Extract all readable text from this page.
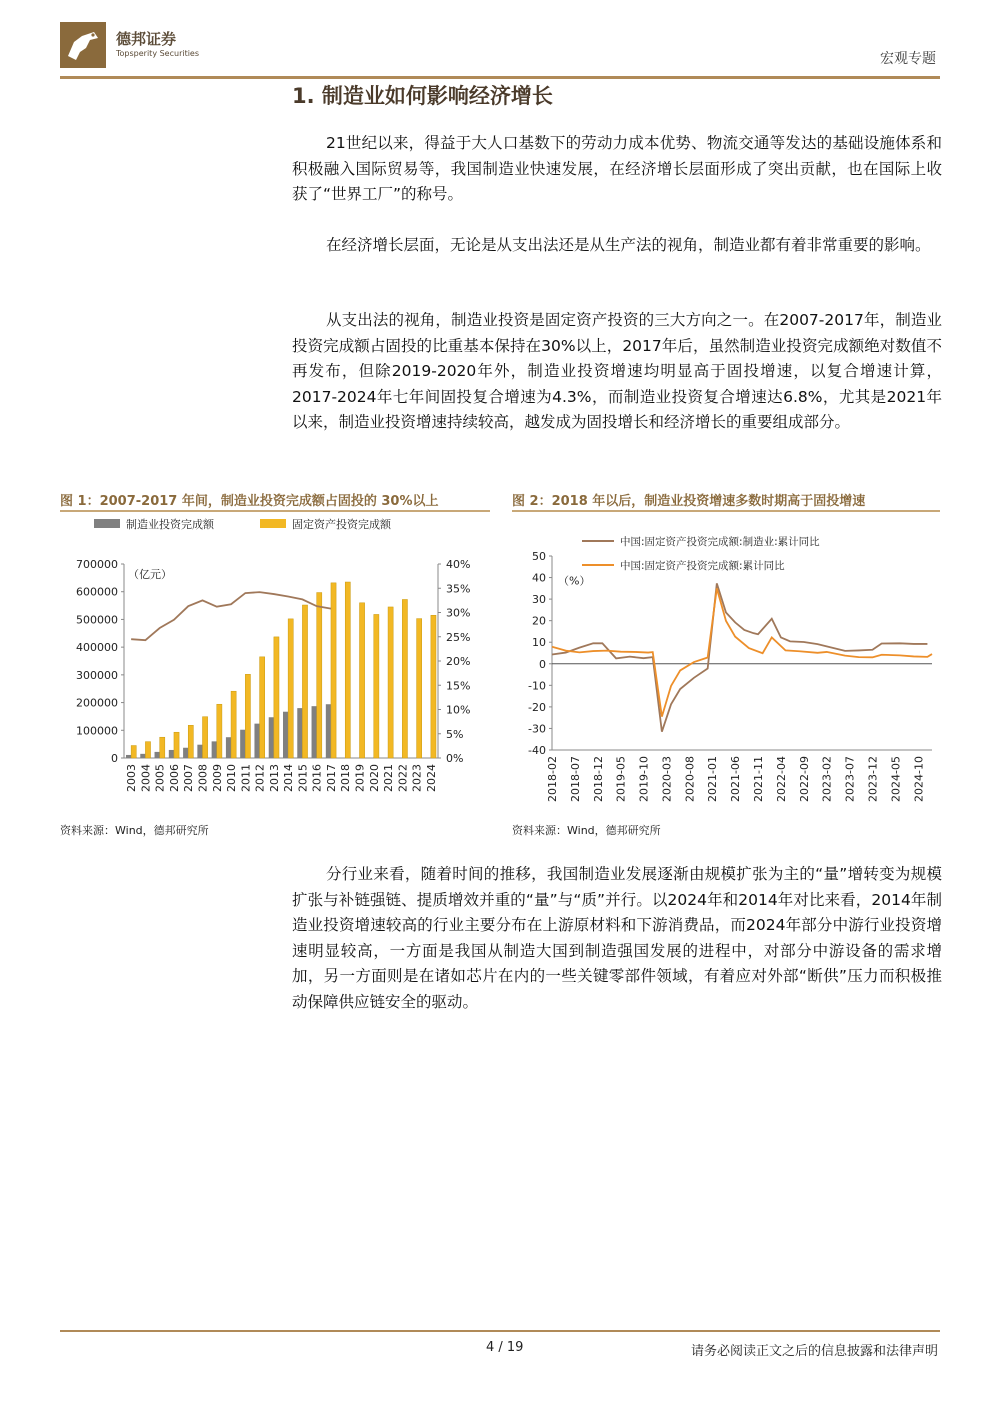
德邦证券
Topsperity Securities	宏观专题
1. 制造业如何影响经济增长

21世纪以来，得益于大人口基数下的劳动力成本优势、物流交通等发达的基础设施体系和积极融入国际贸易等，我国制造业快速发展，在经济增长层面形成了突出贡献，也在国际上收获了“世界工厂”的称号。

在经济增长层面，无论是从支出法还是从生产法的视角，制造业都有着非常重要的影响。

从支出法的视角，制造业投资是固定资产投资的三大方向之一。在2007-2017年，制造业投资完成额占固投的比重基本保持在30%以上，2017年后，虽然制造业投资完成额绝对数值不再发布，但除2019-2020年外，制造业投资增速均明显高于固投增速，以复合增速计算，2017-2024年七年间固投复合增速为4.3%，而制造业投资复合增速达6.8%，尤其是2021年以来，制造业投资增速持续较高，越发成为固投增长和经济增长的重要组成部分。

图 1：2007-2017 年间，制造业投资完成额占固投的 30%以上
制造业投资完成额	固定资产投资完成额
（亿元）
0
100000
200000
300000
400000
500000
600000
700000
0%
5%
10%
15%
20%
25%
30%
35%
40%
2003 2004 2005 2006 2007 2008 2009 2010 2011 2012 2013 2014 2015 2016 2017 2018 2019 2020 2021 2022 2023 2024
资料来源：Wind，德邦研究所
图 2：2018 年以后，制造业投资增速多数时期高于固投增速
中国:固定资产投资完成额:制造业:累计同比
中国:固定资产投资完成额:累计同比
（%）
-40
-30
-20
-10
0
10
20
30
40
50
2018-02 2018-07 2018-12 2019-05 2019-10 2020-03 2020-08 2021-01 2021-06 2021-11 2022-04 2022-09 2023-02 2023-07 2023-12 2024-05 2024-10
资料来源：Wind，德邦研究所

分行业来看，随着时间的推移，我国制造业发展逐渐由规模扩张为主的“量”增转变为规模扩张与补链强链、提质增效并重的“量”与“质”并行。以2024年和2014年对比来看，2014年制造业投资增速较高的行业主要分布在上游原材料和下游消费品，而2024年部分中游行业投资增速明显较高，一方面是我国从制造大国到制造强国发展的进程中，对部分中游设备的需求增加，另一方面则是在诸如芯片在内的一些关键零部件领域，有着应对外部“断供”压力而积极推动保障供应链安全的驱动。

4 / 19	请务必阅读正文之后的信息披露和法律声明
